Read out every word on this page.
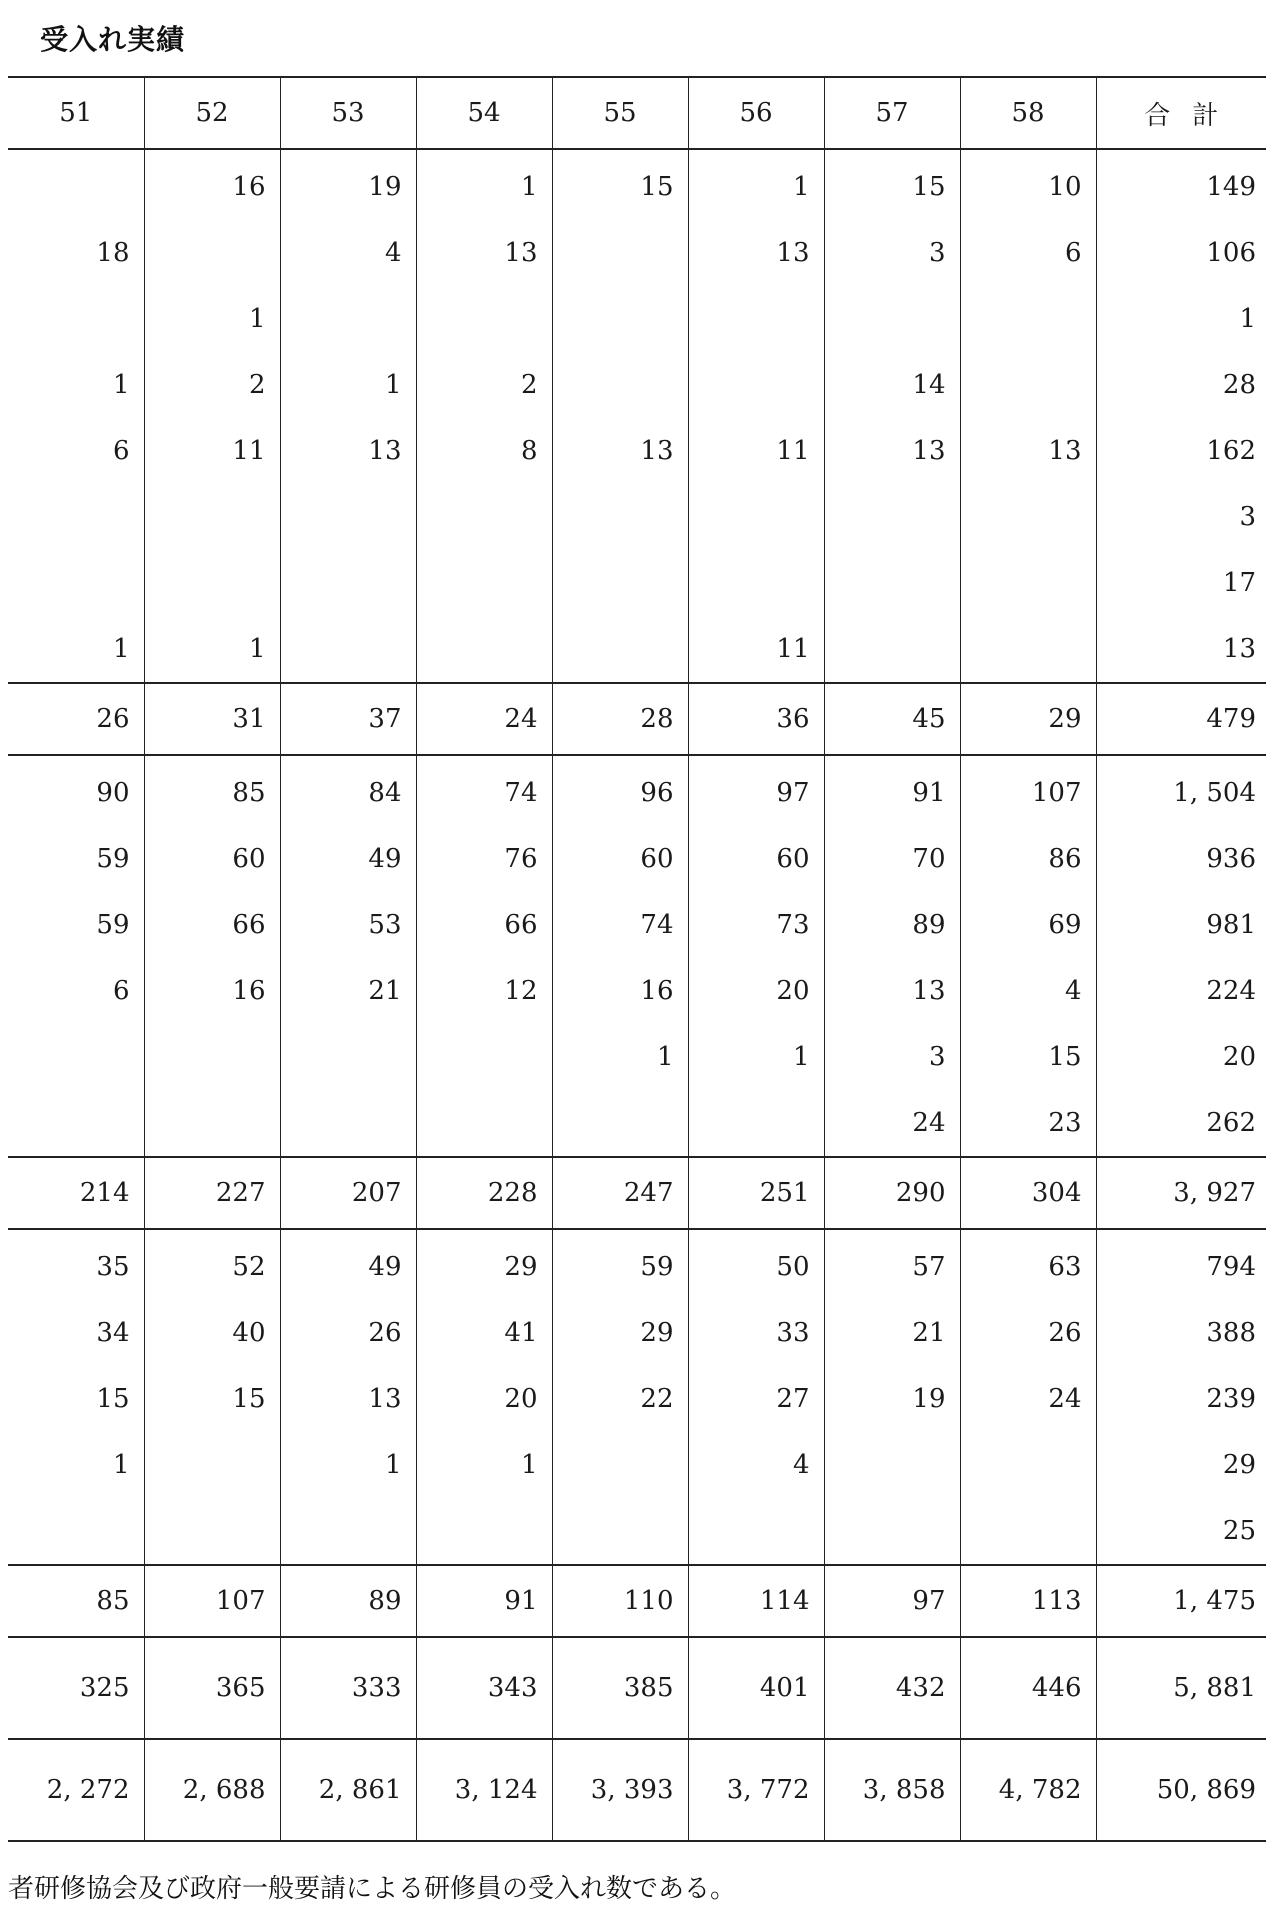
受入れ実績
51	52	53	54	55	56	57	58	合計
	16	19	1	15	1	15	10	149
18		4	13		13	3	6	106
	1							1
1	2	1	2			14		28
6	11	13	8	13	11	13	13	162
								3
								17
1	1				11			13
26	31	37	24	28	36	45	29	479
90	85	84	74	96	97	91	107	1, 504
59	60	49	76	60	60	70	86	936
59	66	53	66	74	73	89	69	981
6	16	21	12	16	20	13	4	224
				1	1	3	15	20
						24	23	262
214	227	207	228	247	251	290	304	3, 927
35	52	49	29	59	50	57	63	794
34	40	26	41	29	33	21	26	388
15	15	13	20	22	27	19	24	239
1		1	1		4			29
								25
85	107	89	91	110	114	97	113	1, 475
325	365	333	343	385	401	432	446	5, 881
2, 272	2, 688	2, 861	3, 124	3, 393	3, 772	3, 858	4, 782	50, 869
者研修協会及び政府一般要請による研修員の受入れ数である。
